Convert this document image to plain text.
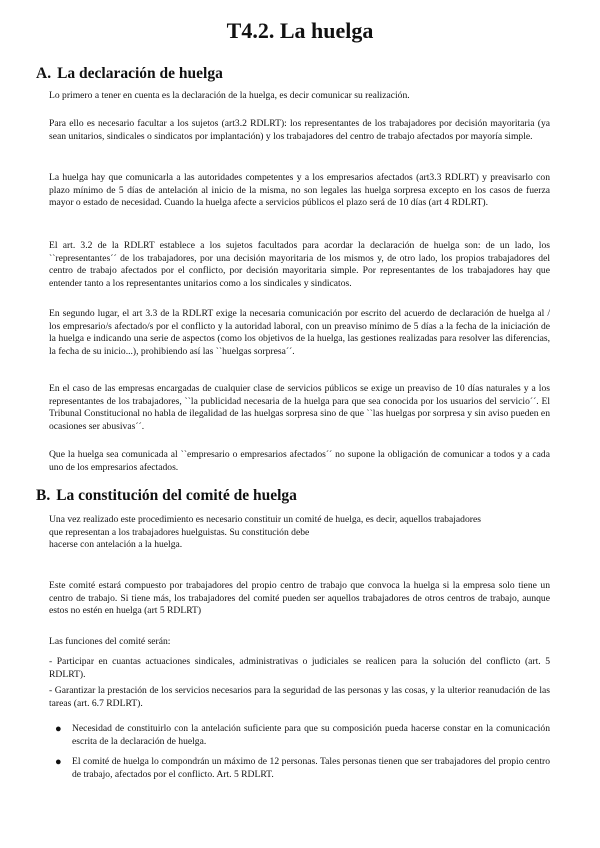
T4.2. La huelga
A. La declaración de huelga

Lo primero a tener en cuenta es la declaración de la huelga, es decir comunicar su realización.

Para ello es necesario facultar a los sujetos (art3.2 RDLRT): los representantes de los trabajadores por decisión mayoritaria (ya sean unitarios, sindicales o sindicatos por implantación) y los trabajadores del centro de trabajo afectados por mayoría simple.

La huelga hay que comunicarla a las autoridades competentes y a los empresarios afectados (art3.3 RDLRT) y preavisarlo con plazo mínimo de 5 días de antelación al inicio de la misma, no son legales las huelga sorpresa excepto en los casos de fuerza mayor o estado de necesidad. Cuando la huelga afecte a servicios públicos el plazo será de 10 días (art 4 RDLRT).

El art. 3.2 de la RDLRT establece a los sujetos facultados para acordar la declaración de huelga son: de un lado, los ``representantes´´ de los trabajadores, por una decisión mayoritaria de los mismos y, de otro lado, los propios trabajadores del centro de trabajo afectados por el conflicto, por decisión mayoritaria simple. Por representantes de los trabajadores hay que entender tanto a los representantes unitarios como a los sindicales y sindicatos.

En segundo lugar, el art 3.3 de la RDLRT exige la necesaria comunicación por escrito del acuerdo de declaración de huelga al / los empresario/s afectado/s por el conflicto y la autoridad laboral, con un preaviso mínimo de 5 días a la fecha de la iniciación de la huelga e indicando una serie de aspectos (como los objetivos de la huelga, las gestiones realizadas para resolver las diferencias, la fecha de su inicio...), prohibiendo así las ``huelgas sorpresa´´.

En el caso de las empresas encargadas de cualquier clase de servicios públicos se exige un preaviso de 10 días naturales y a los representantes de los trabajadores, ``la publicidad necesaria de la huelga para que sea conocida por los usuarios del servicio´´. El Tribunal Constitucional no habla de ilegalidad de las huelgas sorpresa sino de que ``las huelgas por sorpresa y sin aviso pueden en ocasiones ser abusivas´´.

Que la huelga sea comunicada al ``empresario o empresarios afectados´´ no supone la obligación de comunicar a todos y a cada uno de los empresarios afectados.

B. La constitución del comité de huelga

Una vez realizado este procedimiento es necesario constituir un comité de huelga, es decir, aquellos trabajadores
que representan a los trabajadores huelguistas. Su constitución debe
hacerse con antelación a la huelga.

Este comité estará compuesto por trabajadores del propio centro de trabajo que convoca la huelga si la empresa solo tiene un centro de trabajo. Si tiene más, los trabajadores del comité pueden ser aquellos trabajadores de otros centros de trabajo, aunque estos no estén en huelga (art 5 RDLRT)

Las funciones del comité serán:

- Participar en cuantas actuaciones sindicales, administrativas o judiciales se realicen para la solución del conflicto (art. 5 RDLRT).

- Garantizar la prestación de los servicios necesarios para la seguridad de las personas y las cosas, y la ulterior reanudación de las tareas (art. 6.7 RDLRT).

● Necesidad de constituirlo con la antelación suficiente para que su composición pueda hacerse constar en la comunicación escrita de la declaración de huelga.
● El comité de huelga lo compondrán un máximo de 12 personas. Tales personas tienen que ser trabajadores del propio centro de trabajo, afectados por el conflicto. Art. 5 RDLRT.
